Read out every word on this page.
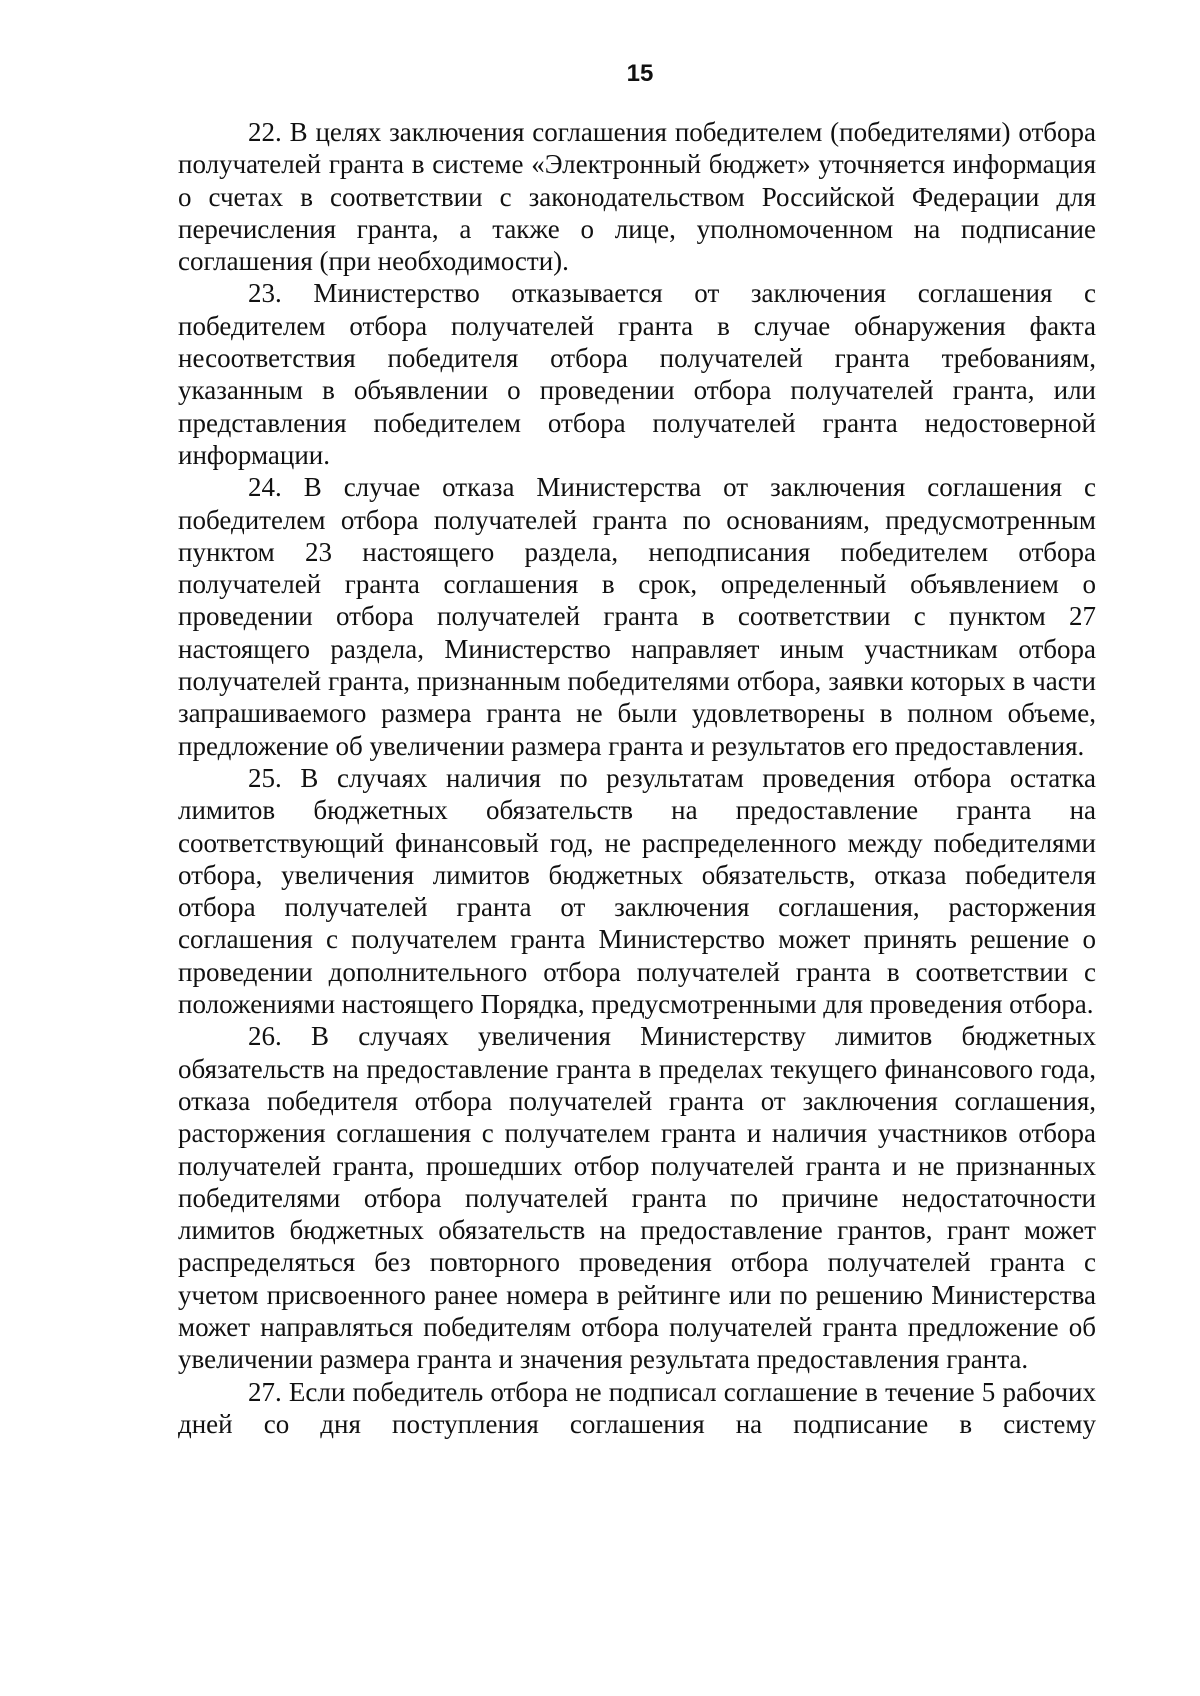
15

22. В целях заключения соглашения победителем (победителями) отбора получателей гранта в системе «Электронный бюджет» уточняется информация о счетах в соответствии с законодательством Российской Федерации для перечисления гранта, а также о лице, уполномоченном на подписание соглашения (при необходимости).

23. Министерство отказывается от заключения соглашения с победителем отбора получателей гранта в случае обнаружения факта несоответствия победителя отбора получателей гранта требованиям, указанным в объявлении о проведении отбора получателей гранта, или представления победителем отбора получателей гранта недостоверной информации.

24. В случае отказа Министерства от заключения соглашения с победителем отбора получателей гранта по основаниям, предусмотренным пунктом 23 настоящего раздела, неподписания победителем отбора получателей гранта соглашения в срок, определенный объявлением о проведении отбора получателей гранта в соответствии с пунктом 27 настоящего раздела, Министерство направляет иным участникам отбора получателей гранта, признанным победителями отбора, заявки которых в части запрашиваемого размера гранта не были удовлетворены в полном объеме, предложение об увеличении размера гранта и результатов его предоставления.

25. В случаях наличия по результатам проведения отбора остатка лимитов бюджетных обязательств на предоставление гранта на соответствующий финансовый год, не распределенного между победителями отбора, увеличения лимитов бюджетных обязательств, отказа победителя отбора получателей гранта от заключения соглашения, расторжения соглашения с получателем гранта Министерство может принять решение о проведении дополнительного отбора получателей гранта в соответствии с положениями настоящего Порядка, предусмотренными для проведения отбора.

26. В случаях увеличения Министерству лимитов бюджетных обязательств на предоставление гранта в пределах текущего финансового года, отказа победителя отбора получателей гранта от заключения соглашения, расторжения соглашения с получателем гранта и наличия участников отбора получателей гранта, прошедших отбор получателей гранта и не признанных победителями отбора получателей гранта по причине недостаточности лимитов бюджетных обязательств на предоставление грантов, грант может распределяться без повторного проведения отбора получателей гранта с учетом присвоенного ранее номера в рейтинге или по решению Министерства может направляться победителям отбора получателей гранта предложение об увеличении размера гранта и значения результата предоставления гранта.

27. Если победитель отбора не подписал соглашение в течение 5 рабочих дней со дня поступления соглашения на подписание в систему
